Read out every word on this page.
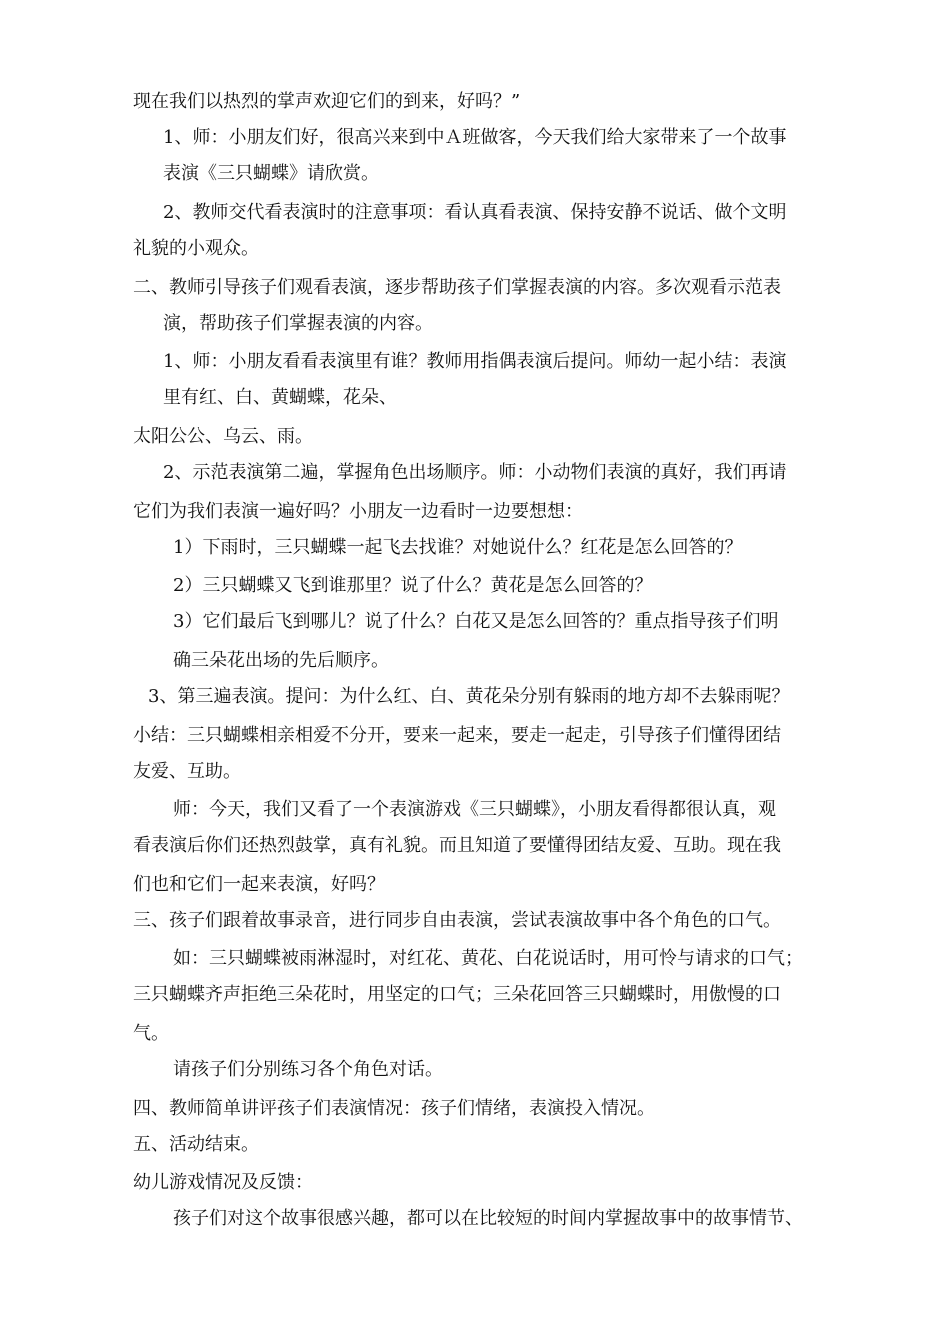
现在我们以热烈的掌声欢迎它们的到来，好吗？”
1、师：小朋友们好，很高兴来到中Ａ班做客，今天我们给大家带来了一个故事
表演《三只蝴蝶》请欣赏。
2、教师交代看表演时的注意事项：看认真看表演、保持安静不说话、做个文明
礼貌的小观众。
二、教师引导孩子们观看表演，逐步帮助孩子们掌握表演的内容。多次观看示范表
演，帮助孩子们掌握表演的内容。
1、师：小朋友看看表演里有谁？教师用指偶表演后提问。师幼一起小结：表演
里有红、白、黄蝴蝶，花朵、
太阳公公、乌云、雨。
2、示范表演第二遍，掌握角色出场顺序。师：小动物们表演的真好，我们再请
它们为我们表演一遍好吗？小朋友一边看时一边要想想：
1）下雨时，三只蝴蝶一起飞去找谁？对她说什么？红花是怎么回答的？
2）三只蝴蝶又飞到谁那里？说了什么？黄花是怎么回答的？
3）它们最后飞到哪儿？说了什么？白花又是怎么回答的？重点指导孩子们明
确三朵花出场的先后顺序。
3、第三遍表演。提问：为什么红、白、黄花朵分别有躲雨的地方却不去躲雨呢？
小结：三只蝴蝶相亲相爱不分开，要来一起来，要走一起走，引导孩子们懂得团结
友爱、互助。
师：今天，我们又看了一个表演游戏《三只蝴蝶》，小朋友看得都很认真，观
看表演后你们还热烈鼓掌，真有礼貌。而且知道了要懂得团结友爱、互助。现在我
们也和它们一起来表演，好吗？
三、孩子们跟着故事录音，进行同步自由表演，尝试表演故事中各个角色的口气。
如：三只蝴蝶被雨淋湿时，对红花、黄花、白花说话时，用可怜与请求的口气；
三只蝴蝶齐声拒绝三朵花时，用坚定的口气；三朵花回答三只蝴蝶时，用傲慢的口
气。
请孩子们分别练习各个角色对话。
四、教师简单讲评孩子们表演情况：孩子们情绪，表演投入情况。
五、活动结束。
幼儿游戏情况及反馈：
孩子们对这个故事很感兴趣，都可以在比较短的时间内掌握故事中的故事情节、
